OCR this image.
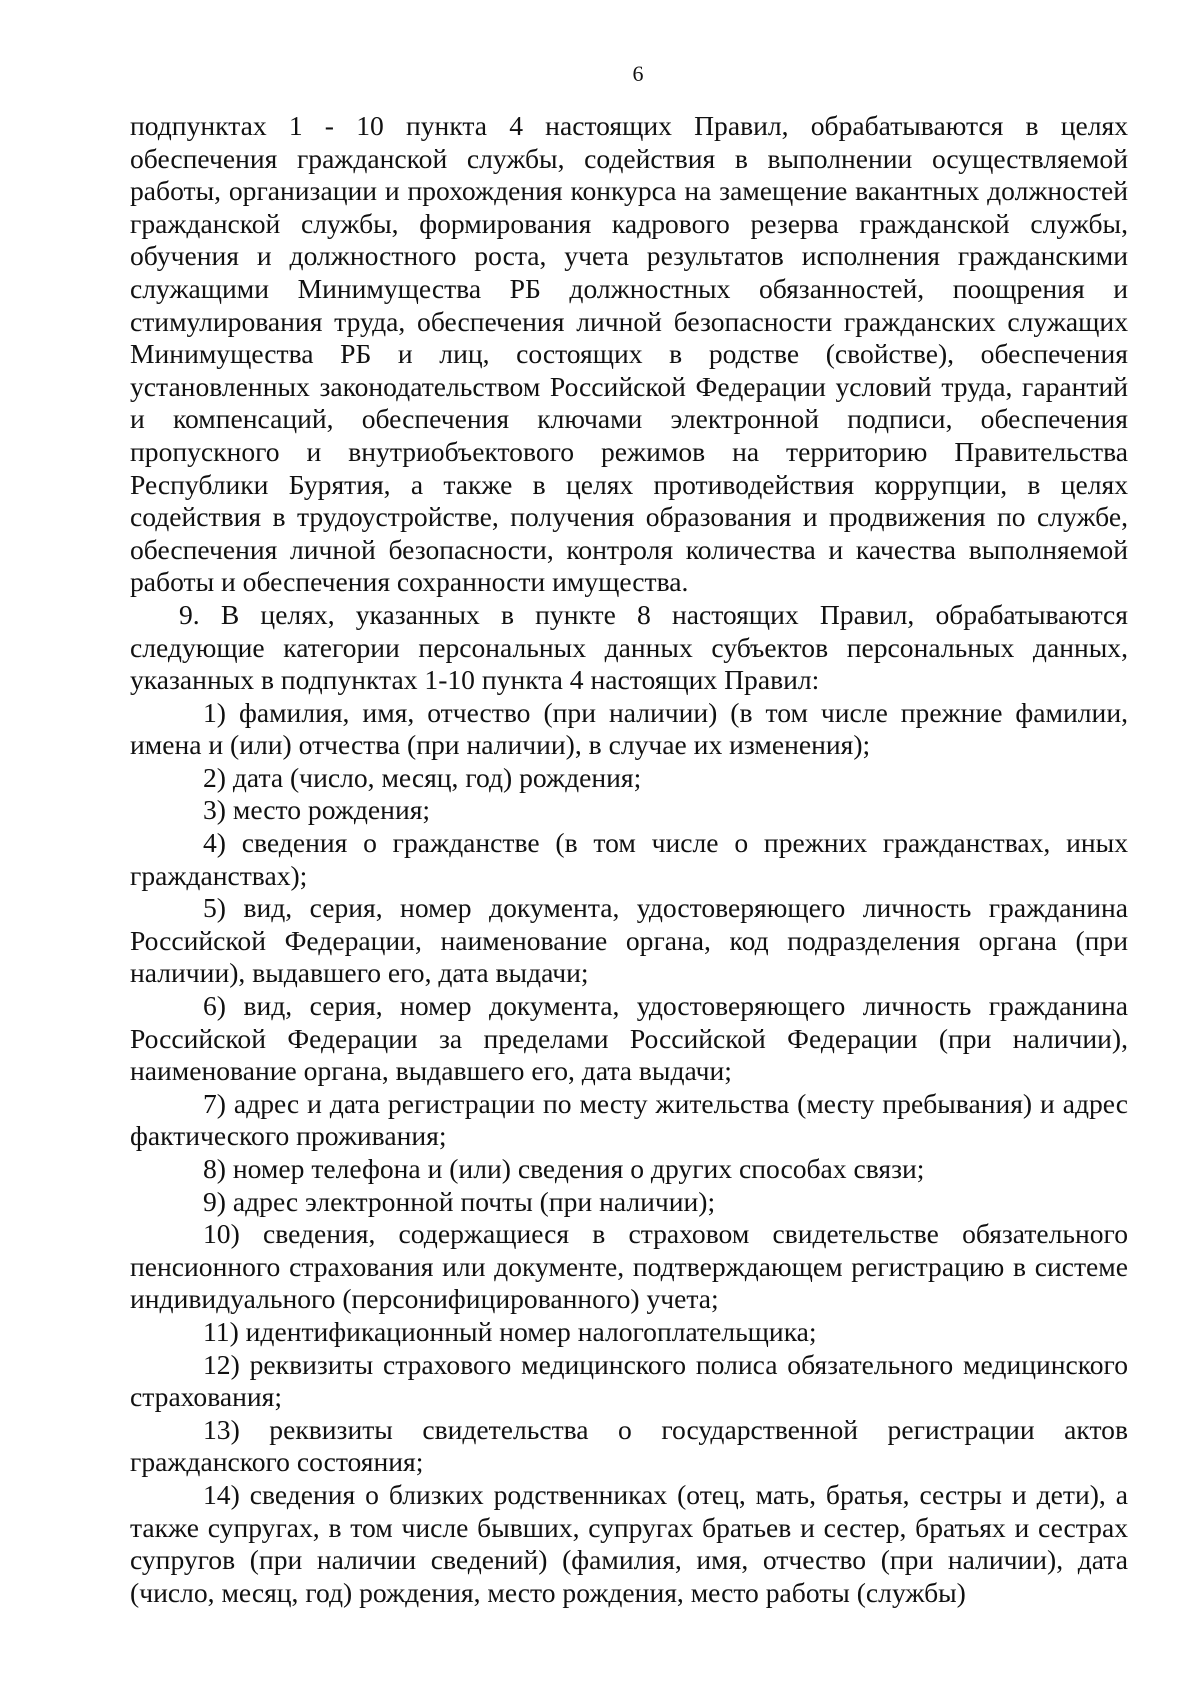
6

подпунктах 1 - 10 пункта 4 настоящих Правил, обрабатываются в целях обеспечения гражданской службы, содействия в выполнении осуществляемой работы, организации и прохождения конкурса на замещение вакантных должностей гражданской службы, формирования кадрового резерва гражданской службы, обучения и должностного роста, учета результатов исполнения гражданскими служащими Минимущества РБ должностных обязанностей, поощрения и стимулирования труда, обеспечения личной безопасности гражданских служащих Минимущества РБ и лиц, состоящих в родстве (свойстве), обеспечения установленных законодательством Российской Федерации условий труда, гарантий и компенсаций, обеспечения ключами электронной подписи, обеспечения пропускного и внутриобъектового режимов на территорию Правительства Республики Бурятия, а также в целях противодействия коррупции, в целях содействия в трудоустройстве, получения образования и продвижения по службе, обеспечения личной безопасности, контроля количества и качества выполняемой работы и обеспечения сохранности имущества.

9. В целях, указанных в пункте 8 настоящих Правил, обрабатываются следующие категории персональных данных субъектов персональных данных, указанных в подпунктах 1-10 пункта 4 настоящих Правил:

1) фамилия, имя, отчество (при наличии) (в том числе прежние фамилии, имена и (или) отчества (при наличии), в случае их изменения);

2) дата (число, месяц, год) рождения;

3) место рождения;

4) сведения о гражданстве (в том числе о прежних гражданствах, иных гражданствах);

5) вид, серия, номер документа, удостоверяющего личность гражданина Российской Федерации, наименование органа, код подразделения органа (при наличии), выдавшего его, дата выдачи;

6) вид, серия, номер документа, удостоверяющего личность гражданина Российской Федерации за пределами Российской Федерации (при наличии), наименование органа, выдавшего его, дата выдачи;

7) адрес и дата регистрации по месту жительства (месту пребывания) и адрес фактического проживания;

8) номер телефона и (или) сведения о других способах связи;

9) адрес электронной почты (при наличии);

10) сведения, содержащиеся в страховом свидетельстве обязательного пенсионного страхования или документе, подтверждающем регистрацию в системе индивидуального (персонифицированного) учета;

11) идентификационный номер налогоплательщика;

12) реквизиты страхового медицинского полиса обязательного медицинского страхования;

13) реквизиты свидетельства о государственной регистрации актов гражданского состояния;

14) сведения о близких родственниках (отец, мать, братья, сестры и дети), а также супругах, в том числе бывших, супругах братьев и сестер, братьях и сестрах супругов (при наличии сведений) (фамилия, имя, отчество (при наличии), дата (число, месяц, год) рождения, место рождения, место работы (службы)
